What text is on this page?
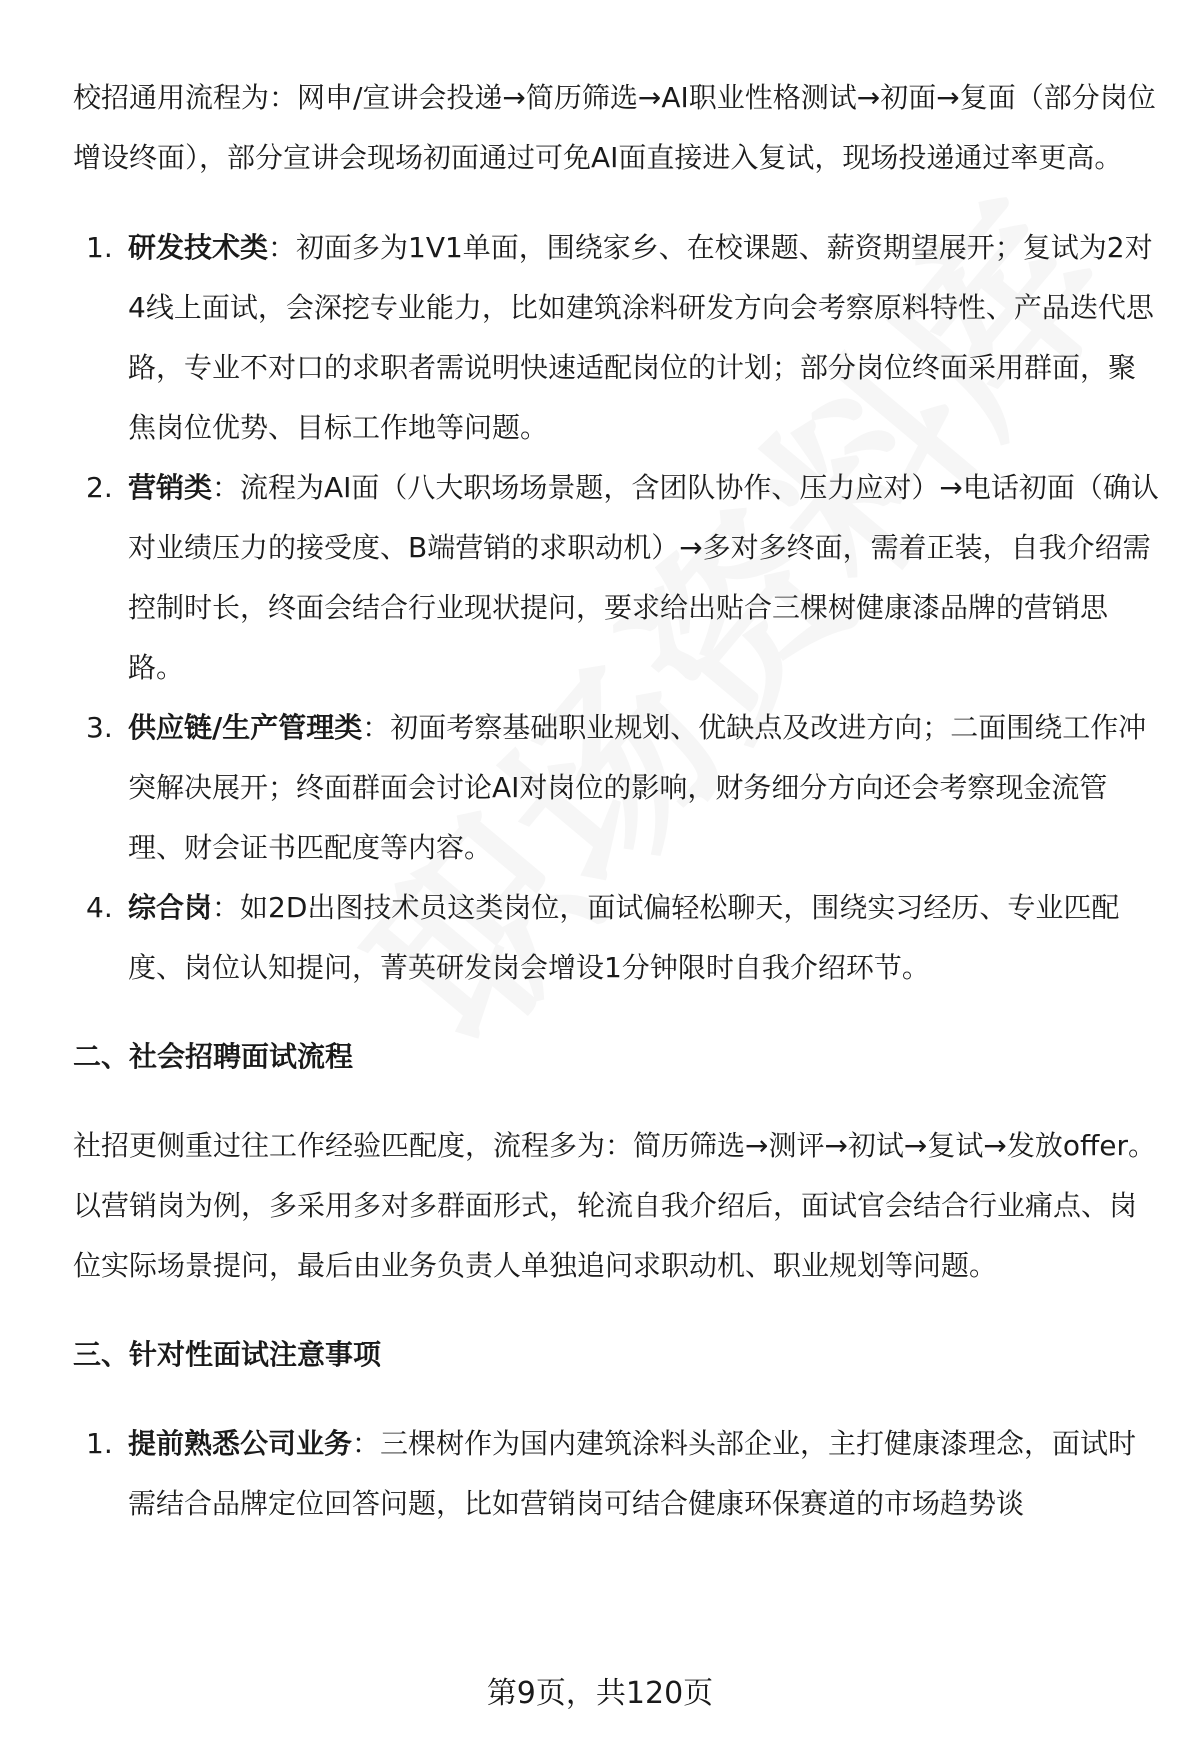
校招通用流程为：网申/宣讲会投递→简历筛选→AI职业性格测试→初面→复面（部分岗位增设终面），部分宣讲会现场初面通过可免AI面直接进入复试，现场投递通过率更高。

1. 研发技术类：初面多为1V1单面，围绕家乡、在校课题、薪资期望展开；复试为2对4线上面试，会深挖专业能力，比如建筑涂料研发方向会考察原料特性、产品迭代思路，专业不对口的求职者需说明快速适配岗位的计划；部分岗位终面采用群面，聚焦岗位优势、目标工作地等问题。
2. 营销类：流程为AI面（八大职场场景题，含团队协作、压力应对）→电话初面（确认对业绩压力的接受度、B端营销的求职动机）→多对多终面，需着正装，自我介绍需控制时长，终面会结合行业现状提问，要求给出贴合三棵树健康漆品牌的营销思路。
3. 供应链/生产管理类：初面考察基础职业规划、优缺点及改进方向；二面围绕工作冲突解决展开；终面群面会讨论AI对岗位的影响，财务细分方向还会考察现金流管理、财会证书匹配度等内容。
4. 综合岗：如2D出图技术员这类岗位，面试偏轻松聊天，围绕实习经历、专业匹配度、岗位认知提问，菁英研发岗会增设1分钟限时自我介绍环节。
二、社会招聘面试流程

社招更侧重过往工作经验匹配度，流程多为：简历筛选→测评→初试→复试→发放offer。以营销岗为例，多采用多对多群面形式，轮流自我介绍后，面试官会结合行业痛点、岗位实际场景提问，最后由业务负责人单独追问求职动机、职业规划等问题。

三、针对性面试注意事项
1. 提前熟悉公司业务：三棵树作为国内建筑涂料头部企业，主打健康漆理念，面试时需结合品牌定位回答问题，比如营销岗可结合健康环保赛道的市场趋势谈
第9页，共120页
